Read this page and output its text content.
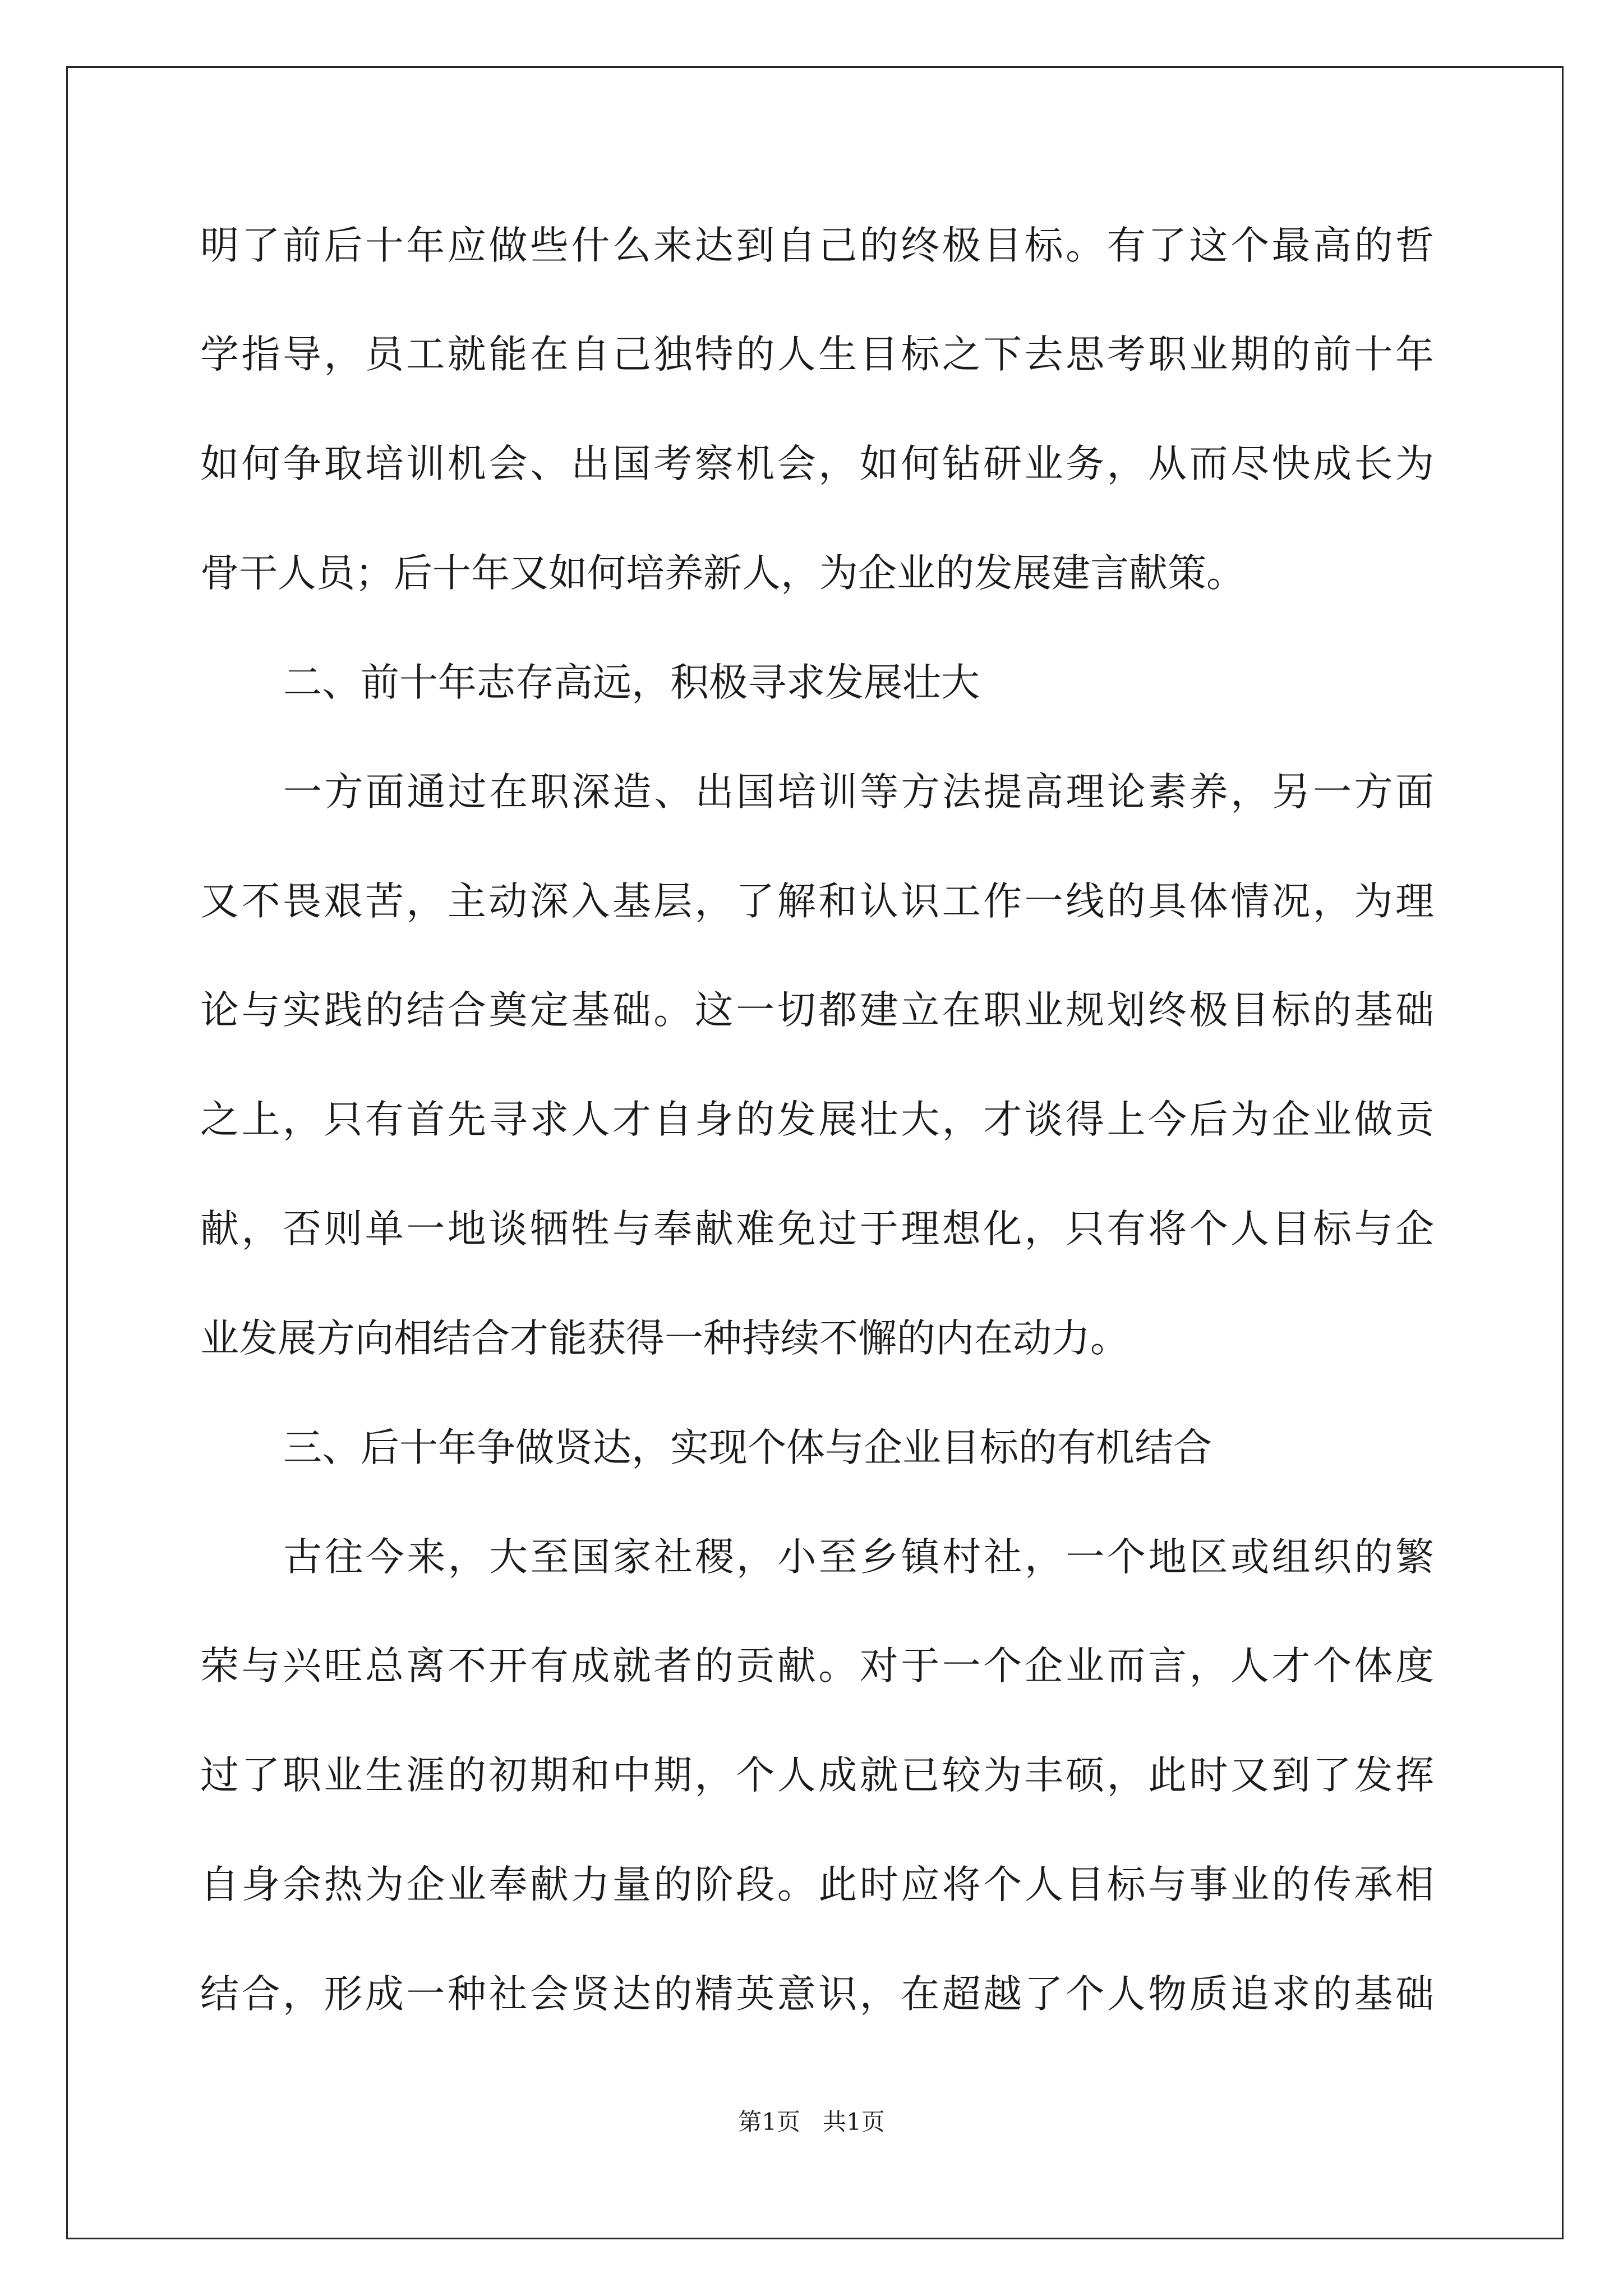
明了前后十年应做些什么来达到自己的终极目标。有了这个最高的哲
学指导，员工就能在自己独特的人生目标之下去思考职业期的前十年
如何争取培训机会、出国考察机会，如何钻研业务，从而尽快成长为
骨干人员；后十年又如何培养新人，为企业的发展建言献策。
二、前十年志存高远，积极寻求发展壮大
一方面通过在职深造、出国培训等方法提高理论素养，另一方面
又不畏艰苦，主动深入基层，了解和认识工作一线的具体情况，为理
论与实践的结合奠定基础。这一切都建立在职业规划终极目标的基础
之上，只有首先寻求人才自身的发展壮大，才谈得上今后为企业做贡
献，否则单一地谈牺牲与奉献难免过于理想化，只有将个人目标与企
业发展方向相结合才能获得一种持续不懈的内在动力。
三、后十年争做贤达，实现个体与企业目标的有机结合
古往今来，大至国家社稷，小至乡镇村社，一个地区或组织的繁
荣与兴旺总离不开有成就者的贡献。对于一个企业而言，人才个体度
过了职业生涯的初期和中期，个人成就已较为丰硕，此时又到了发挥
自身余热为企业奉献力量的阶段。此时应将个人目标与事业的传承相
结合，形成一种社会贤达的精英意识，在超越了个人物质追求的基础
第1页   共1页
